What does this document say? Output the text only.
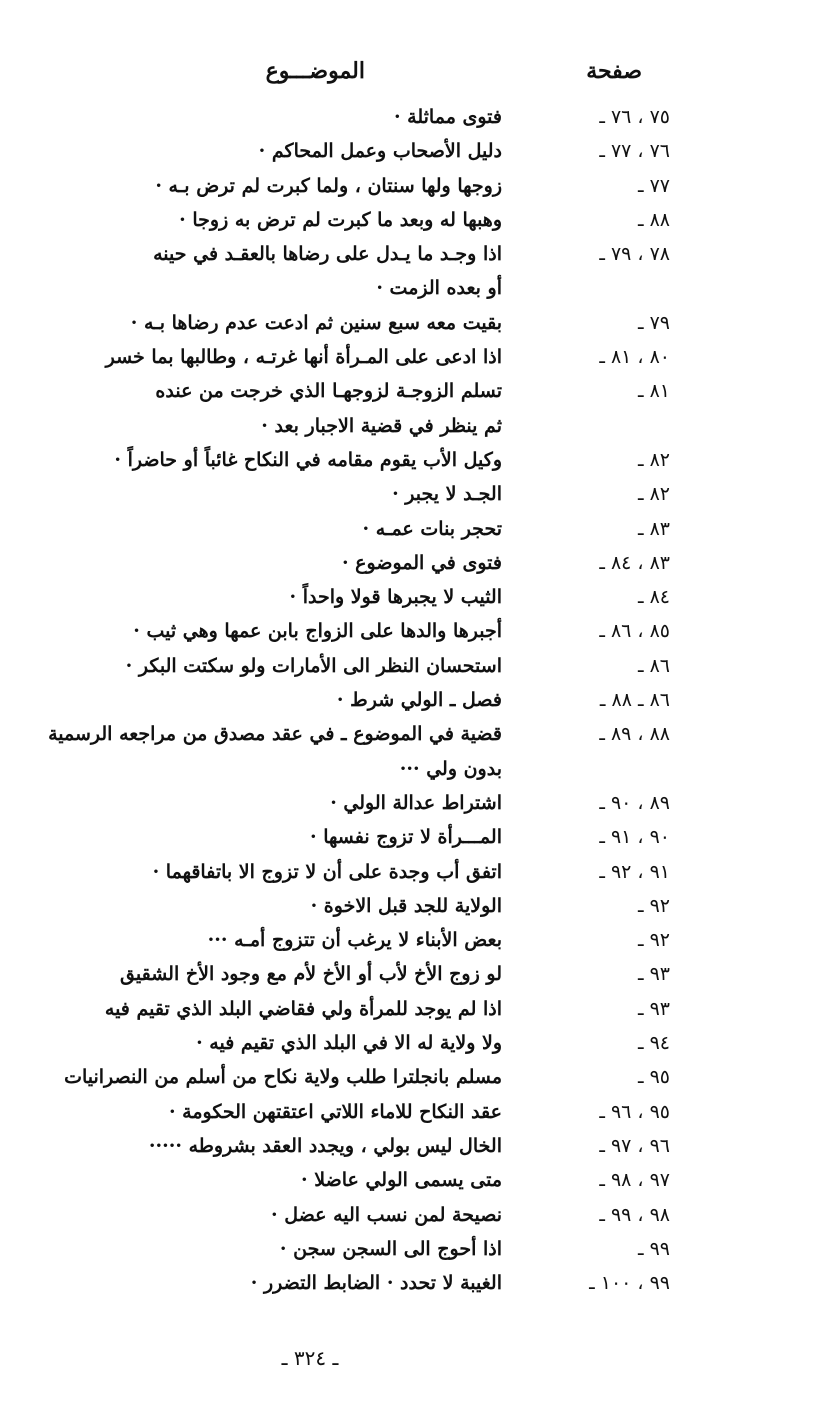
صفحة
الموضـــوع
٧٥ ، ٧٦ ـ
فتوى مماثلة ·
٧٦ ، ٧٧ ـ
دليل الأصحاب وعمل المحاكم ·
٧٧ ـ
زوجها ولها سنتان ، ولما كبرت لم ترض بـه ·
٨٨ ـ
وهبها له وبعد ما كبرت لم ترض به زوجا ·
٧٨ ، ٧٩ ـ
اذا وجـد ما يـدل على رضاها بالعقـد في حينه
أو بعده الزمت ·
٧٩ ـ
بقيت معه سبع سنين ثم ادعت عدم رضاها بـه ·
٨٠ ، ٨١ ـ
اذا ادعى على المـرأة أنها غرتـه ، وطالبها بما خسر
٨١ ـ
تسلم الزوجـة لزوجهـا الذي خرجت من عنده
ثم ينظر في قضية الاجبار بعد ·
٨٢ ـ
وكيل الأب يقوم مقامه في النكاح غائباً أو حاضراً ·
٨٢ ـ
الجـد لا يجبر ·
٨٣ ـ
تحجر بنات عمـه ·
٨٣ ، ٨٤ ـ
فتوى في الموضوع ·
٨٤ ـ
الثيب لا يجبرها قولا واحداً ·
٨٥ ، ٨٦ ـ
أجبرها والدها على الزواج بابن عمها وهي ثيب ·
٨٦ ـ
استحسان النظر الى الأمارات ولو سكتت البكر ·
٨٦ ـ ٨٨ ـ
فصل ـ الولي شرط ·
٨٨ ، ٨٩ ـ
قضية في الموضوع ـ في عقد مصدق من مراجعه الرسمية
بدون ولي ···
٨٩ ، ٩٠ ـ
اشتراط عدالة الولي ·
٩٠ ، ٩١ ـ
المـــرأة لا تزوج نفسها ·
٩١ ، ٩٢ ـ
اتفق أب وجدة على أن لا تزوج الا باتفاقهما ·
٩٢ ـ
الولاية للجد قبل الاخوة ·
٩٢ ـ
بعض الأبناء لا يرغب أن تتزوج أمـه ···
٩٣ ـ
لو زوج الأخ لأب أو الأخ لأم مع وجود الأخ الشقيق
٩٣ ـ
اذا لم يوجد للمرأة ولي فقاضي البلد الذي تقيم فيه
٩٤ ـ
ولا ولاية له الا في البلد الذي تقيم فيه ·
٩٥ ـ
مسلم بانجلترا طلب ولاية نكاح من أسلم من النصرانيات
٩٥ ، ٩٦ ـ
عقد النكاح للاماء اللاتي اعتقتهن الحكومة ·
٩٦ ، ٩٧ ـ
الخال ليس بولي ، ويجدد العقد بشروطه ·····
٩٧ ، ٩٨ ـ
متى يسمى الولي عاضلا ·
٩٨ ، ٩٩ ـ
نصيحة لمن نسب اليه عضل ·
٩٩ ـ
اذا أحوج الى السجن سجن ·
٩٩ ، ١٠٠ ـ
الغيبة لا تحدد · الضابط التضرر ·
ـ ٣٢٤ ـ
